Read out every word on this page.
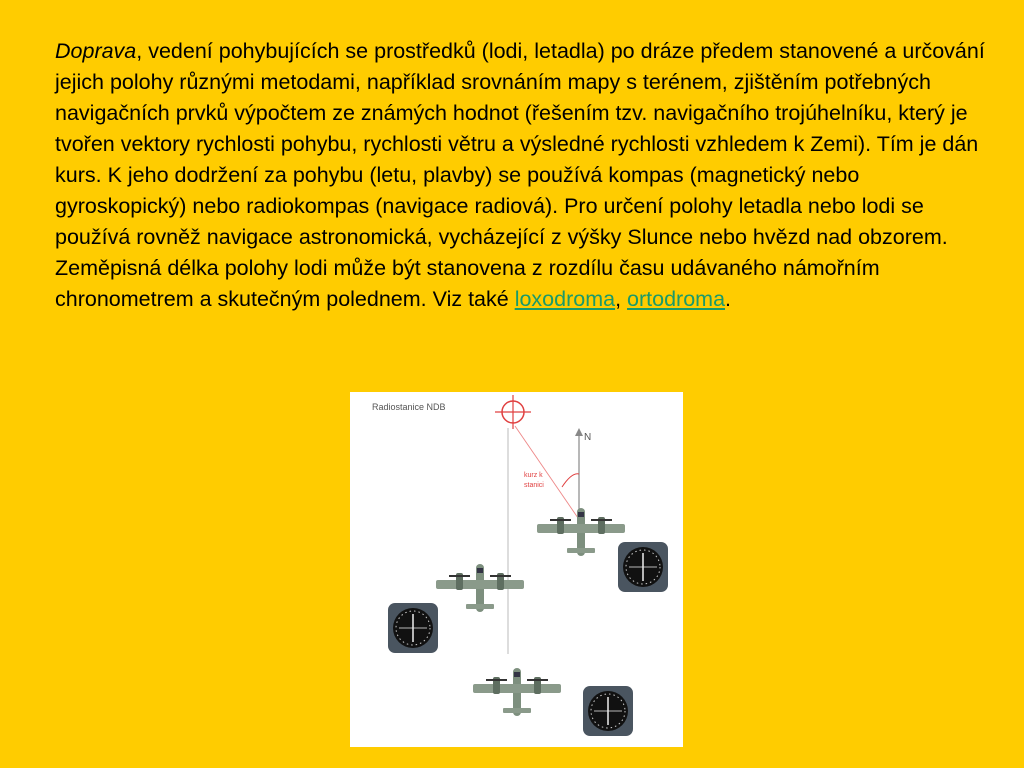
Doprava, vedení pohybujících se prostředků (lodi, letadla) po dráze předem stanovené a určování jejich polohy různými metodami, například srovnáním mapy s terénem, zjištěním potřebných navigačních prvků výpočtem ze známých hodnot (řešením tzv. navigačního trojúhelníku, který je tvořen vektory rychlosti pohybu, rychlosti větru a výsledné rychlosti vzhledem k Zemi). Tím je dán kurs. K jeho dodržení za pohybu (letu, plavby) se používá kompas (magnetický nebo gyroskopický) nebo radiokompas (navigace radiová). Pro určení polohy letadla nebo lodi se používá rovněž navigace astronomická, vycházející z výšky Slunce nebo hvězd nad obzorem. Zeměpisná délka polohy lodi může být stanovena z rozdílu času udávaného námořním chronometrem a skutečným polednem. Viz také loxodroma, ortodroma.
Radiostanice NDB
N
kurz k
stanici
